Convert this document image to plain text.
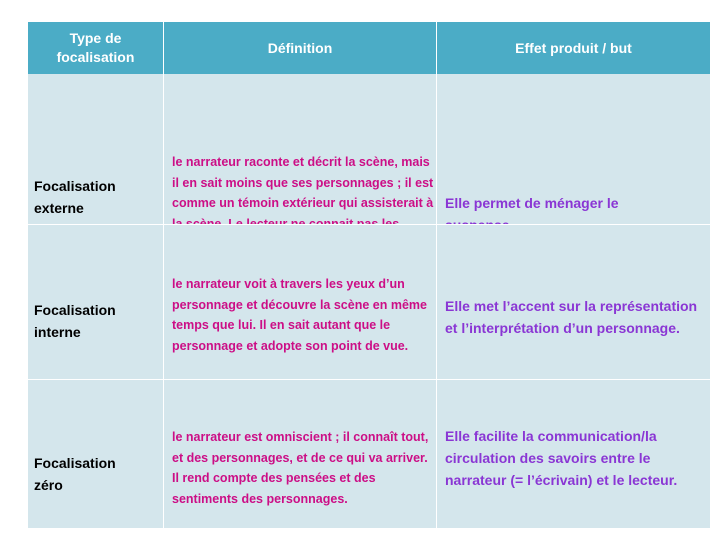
Type de focalisation
Définition	Effet produit / but
Focalisation externe
le narrateur raconte et décrit la scène, mais il en sait moins que ses personnages ; il est comme un témoin extérieur qui assisterait à Elle permet de ménager le
Focalisation interne
le narrateur voit à travers les yeux d’un personnage et découvre la scène en même temps que lui. Il en sait autant que le personnage et adopte son point de vue.
Elle met l’accent sur la représentation et l’interprétation d’un personnage.
Focalisation zéro
le narrateur est omniscient ; il connaît tout, et des personnages, et de ce qui va arriver. Il rend compte des pensées et des sentiments des personnages.
Elle facilite la communication/la circulation des savoirs entre le narrateur (= l’écrivain) et le lecteur.
